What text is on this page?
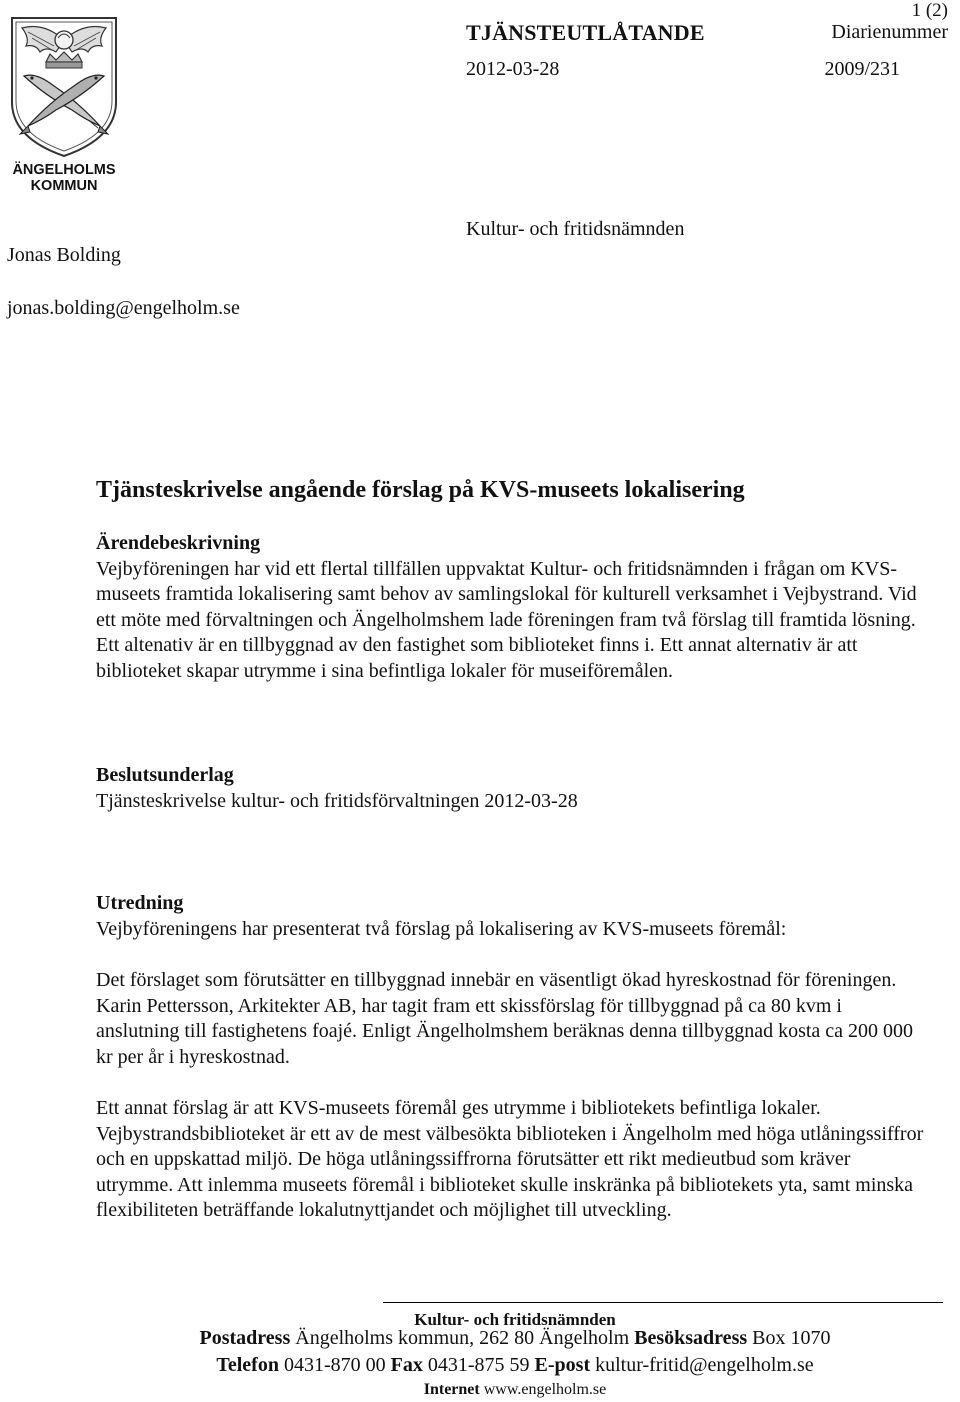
1 (2)
TJÄNSTEUTLÅTANDE	Diarienummer
2012-03-28	2009/231
ÄNGELHOLMS
KOMMUN
Kultur- och fritidsnämnden
Jonas Bolding
jonas.bolding@engelholm.se
Tjänsteskrivelse angående förslag på KVS-museets lokalisering
Ärendebeskrivning

Vejbyföreningen har vid ett flertal tillfällen uppvaktat Kultur- och fritidsnämnden i frågan om KVS-museets framtida lokalisering samt behov av samlingslokal för kulturell verksamhet i Vejbystrand. Vid ett möte med förvaltningen och Ängelholmshem lade föreningen fram två förslag till framtida lösning. Ett altenativ är en tillbyggnad av den fastighet som biblioteket finns i. Ett annat alternativ är att biblioteket skapar utrymme i sina befintliga lokaler för museiföremålen.

Beslutsunderlag

Tjänsteskrivelse kultur- och fritidsförvaltningen 2012-03-28

Utredning

Vejbyföreningens har presenterat två förslag på lokalisering av KVS-museets föremål:

Det förslaget som förutsätter en tillbyggnad innebär en väsentligt ökad hyreskostnad för föreningen. Karin Pettersson, Arkitekter AB, har tagit fram ett skissförslag för tillbyggnad på ca 80 kvm i anslutning till fastighetens foajé. Enligt Ängelholmshem beräknas denna tillbyggnad kosta ca 200 000 kr per år i hyreskostnad.

Ett annat förslag är att KVS-museets föremål ges utrymme i bibliotekets befintliga lokaler. Vejbystrandsbiblioteket är ett av de mest välbesökta biblioteken i Ängelholm med höga utlåningssiffror och en uppskattad miljö. De höga utlåningssiffrorna förutsätter ett rikt medieutbud som kräver utrymme. Att inlemma museets föremål i biblioteket skulle inskränka på bibliotekets yta, samt minska flexibiliteten beträffande lokalutnyttjandet och möjlighet till utveckling.

Kultur- och fritidsnämnden
Postadress Ängelholms kommun, 262 80 Ängelholm Besöksadress Box 1070
Telefon 0431-870 00 Fax 0431-875 59 E-post kultur-fritid@engelholm.se
Internet www.engelholm.se
